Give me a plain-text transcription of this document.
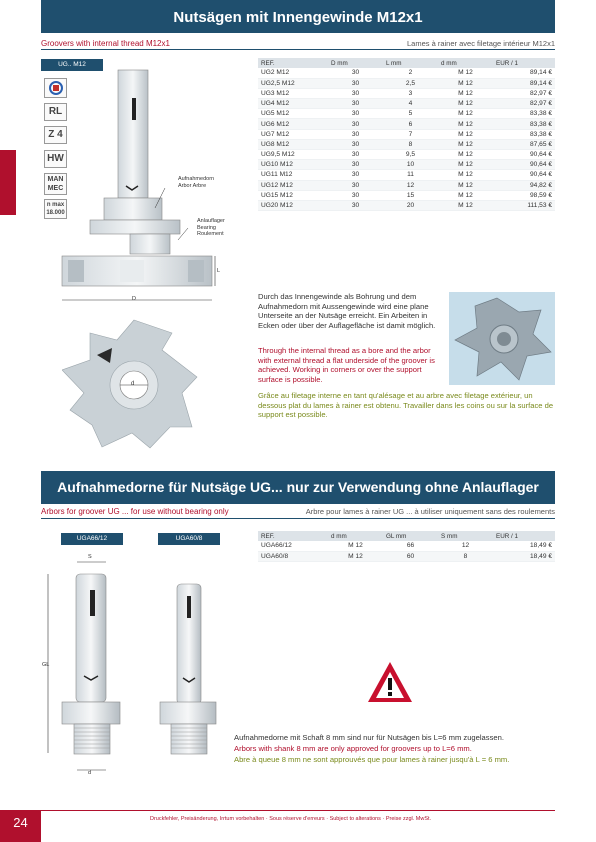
Nutsägen mit Innengewinde M12x1
Groovers with internal thread M12x1	Lames à rainer avec filetage intérieur M12x1
UG.. M12
RL
Z 4
HW
MAN MEC
n max 18.000
Aufnahmedorn Arbor Arbre
Anlauflager Bearing Roulement
L
D
d
REF.	D mm	L mm	d mm	EUR / 1
UG2 M12	30	2	M 12	89,14 €
UG2,5 M12	30	2,5	M 12	89,14 €
UG3 M12	30	3	M 12	82,97 €
UG4 M12	30	4	M 12	82,97 €
UG5 M12	30	5	M 12	83,38 €
UG6 M12	30	6	M 12	83,38 €
UG7 M12	30	7	M 12	83,38 €
UG8 M12	30	8	M 12	87,65 €
UG9,5 M12	30	9,5	M 12	90,64 €
UG10 M12	30	10	M 12	90,64 €
UG11 M12	30	11	M 12	90,64 €
UG12 M12	30	12	M 12	94,82 €
UG15 M12	30	15	M 12	98,59 €
UG20 M12	30	20	M 12	111,53 €
Durch das Innengewinde als Bohrung und dem Aufnahmedorn mit Aussengewinde wird eine plane Unterseite an der Nutsäge erreicht. Ein Arbeiten in Ecken oder über der Auflagefläche ist damit möglich.
Through the internal thread as a bore and the arbor with external thread a flat underside of the groover is achieved. Working in corners or over the support surface is possible.
Grâce au filetage interne en tant qu'alésage et au arbre avec filetage extérieur, un dessous plat du lames à rainer est obtenu. Travailler dans les coins ou sur la surface de support est possible.
Aufnahmedorne für Nutsäge UG... nur zur Verwendung ohne Anlauflager
Arbors for groover UG ... for use without bearing only	Arbre pour lames à rainer UG ... à utiliser uniquement sans des roulements
UGA66/12	UGA60/8
S
GL
d
REF.	d mm	GL mm	S mm	EUR / 1
UGA66/12	M 12	66	12	18,49 €
UGA60/8	M 12	60	8	18,49 €
Aufnahmedorne mit Schaft 8 mm sind nur für Nutsägen bis L=6 mm zugelassen.
Arbors with shank 8 mm are only approved for groovers up to L=6 mm.
Abre à queue 8 mm ne sont approuvés que pour lames à rainer jusqu'à L = 6 mm.
24	Druckfehler, Preisänderung, Irrtum vorbehalten · Sous réserve d'erreurs · Subject to alterations · Preise zzgl. MwSt.
